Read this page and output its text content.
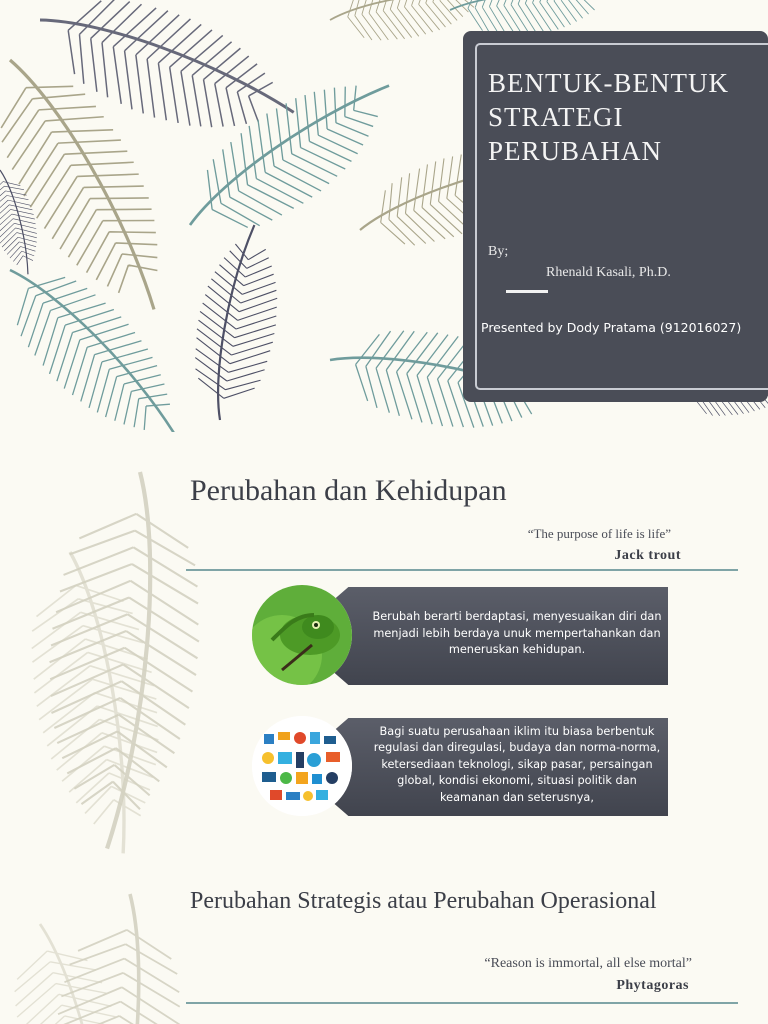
BENTUK-BENTUK STRATEGI PERUBAHAN
By;
Rhenald Kasali, Ph.D.
Presented by Dody Pratama (912016027)
Perubahan dan Kehidupan
“The purpose of life is life”
Jack trout
Berubah berarti berdaptasi, menyesuaikan diri dan menjadi lebih berdaya unuk mempertahankan dan meneruskan kehidupan.
Bagi suatu perusahaan iklim itu biasa berbentuk regulasi dan diregulasi, budaya dan norma-norma, ketersediaan teknologi, sikap pasar, persaingan global, kondisi ekonomi, situasi politik dan keamanan dan seterusnya,
Perubahan Strategis atau Perubahan Operasional
“Reason is immortal, all else mortal”
Phytagoras
